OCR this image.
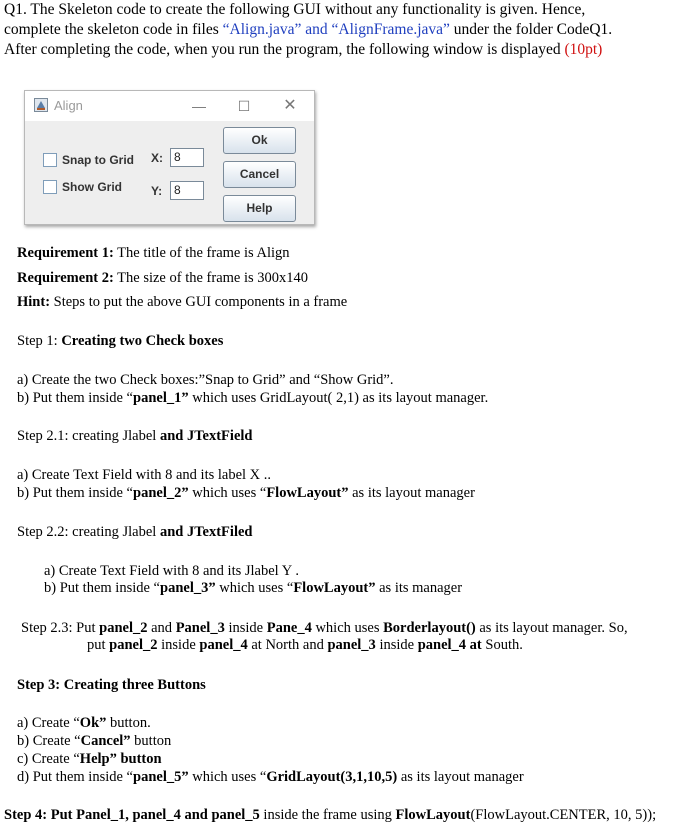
Q1. The Skeleton code to create the following GUI without any functionality is given. Hence,
complete the skeleton code in files “Align.java” and “AlignFrame.java” under the folder CodeQ1.
After completing the code, when you run the program, the following window is displayed (10pt)
Align	—	☐	✕
Snap to Grid
Show Grid
X: 8
Y: 8
Ok
Cancel
Help
Requirement 1: The title of the frame is Align
Requirement 2: The size of the frame is 300x140
Hint: Steps to put the above GUI components in a frame
Step 1: Creating two Check boxes
a) Create the two Check boxes:”Snap to Grid” and “Show Grid”.
b) Put them inside “panel_1” which uses GridLayout( 2,1) as its layout manager.
Step 2.1: creating Jlabel and JTextField
a) Create Text Field with 8 and its label X ..
b) Put them inside “panel_2” which uses “FlowLayout” as its layout manager
Step 2.2: creating Jlabel and JTextFiled
a) Create Text Field with 8 and its Jlabel Y .
b) Put them inside “panel_3” which uses “FlowLayout” as its manager
Step 2.3: Put panel_2 and Panel_3 inside Pane_4 which uses Borderlayout() as its layout manager. So,
put panel_2 inside panel_4 at North and panel_3 inside panel_4 at South.
Step 3: Creating three Buttons
a) Create “Ok” button.
b) Create “Cancel” button
c) Create “Help” button
d) Put them inside “panel_5” which uses “GridLayout(3,1,10,5) as its layout manager
Step 4: Put Panel_1, panel_4 and panel_5 inside the frame using FlowLayout(FlowLayout.CENTER, 10, 5));
